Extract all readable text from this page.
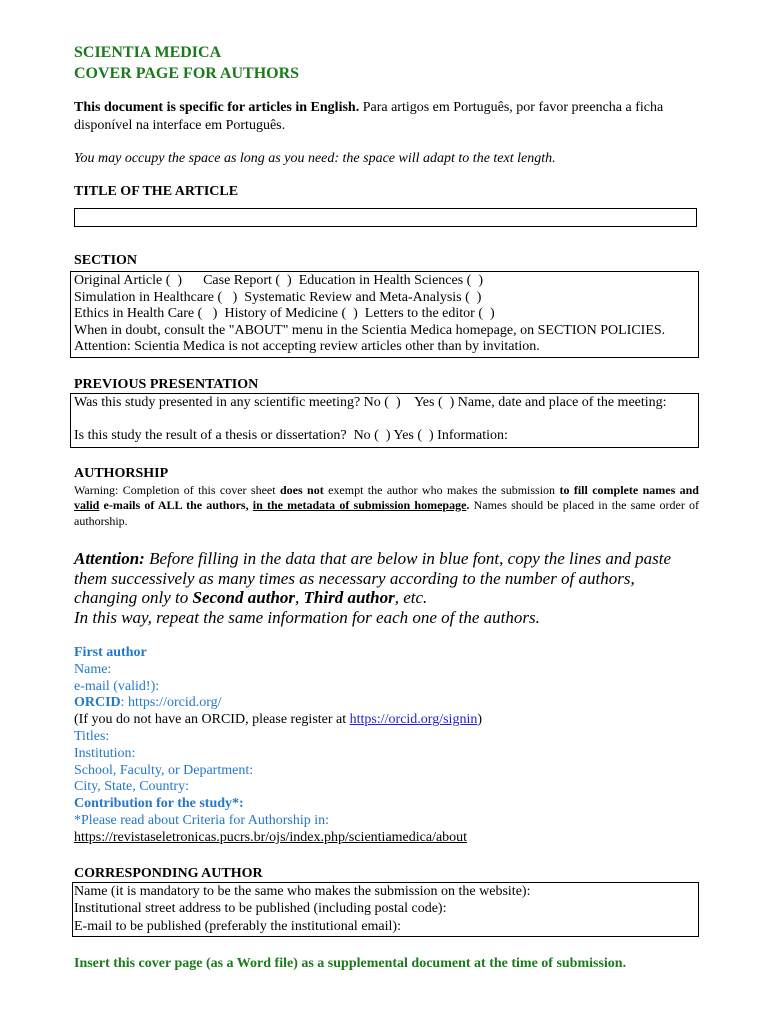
SCIENTIA MEDICA
COVER PAGE FOR AUTHORS
This document is specific for articles in English. Para artigos em Português, por favor preencha a ficha disponível na interface em Português.
You may occupy the space as long as you need: the space will adapt to the text length.
TITLE OF THE ARTICLE
SECTION
Original Article (  )      Case Report (  )  Education in Health Sciences (  )
Simulation in Healthcare (   )  Systematic Review and Meta-Analysis (  )
Ethics in Health Care (   )  History of Medicine (  )  Letters to the editor (  )
When in doubt, consult the "ABOUT" menu in the Scientia Medica homepage, on SECTION POLICIES. Attention: Scientia Medica is not accepting review articles other than by invitation.
PREVIOUS PRESENTATION
Was this study presented in any scientific meeting? No (  )    Yes (  ) Name, date and place of the meeting:
Is this study the result of a thesis or dissertation?  No (  ) Yes (  ) Information:
AUTHORSHIP
Warning: Completion of this cover sheet does not exempt the author who makes the submission to fill complete names and valid e-mails of ALL the authors, in the metadata of submission homepage. Names should be placed in the same order of authorship.
Attention: Before filling in the data that are below in blue font, copy the lines and paste them successively as many times as necessary according to the number of authors, changing only to Second author, Third author, etc.
In this way, repeat the same information for each one of the authors.
First author
Name:
e-mail (valid!):
ORCID: https://orcid.org/
(If you do not have an ORCID, please register at https://orcid.org/signin)
Titles:
Institution:
School, Faculty, or Department:
City, State, Country:
Contribution for the study*:
*Please read about Criteria for Authorship in:
https://revistaseletronicas.pucrs.br/ojs/index.php/scientiamedica/about
CORRESPONDING AUTHOR
Name (it is mandatory to be the same who makes the submission on the website):
Institutional street address to be published (including postal code):
E-mail to be published (preferably the institutional email):
Insert this cover page (as a Word file) as a supplemental document at the time of submission.
